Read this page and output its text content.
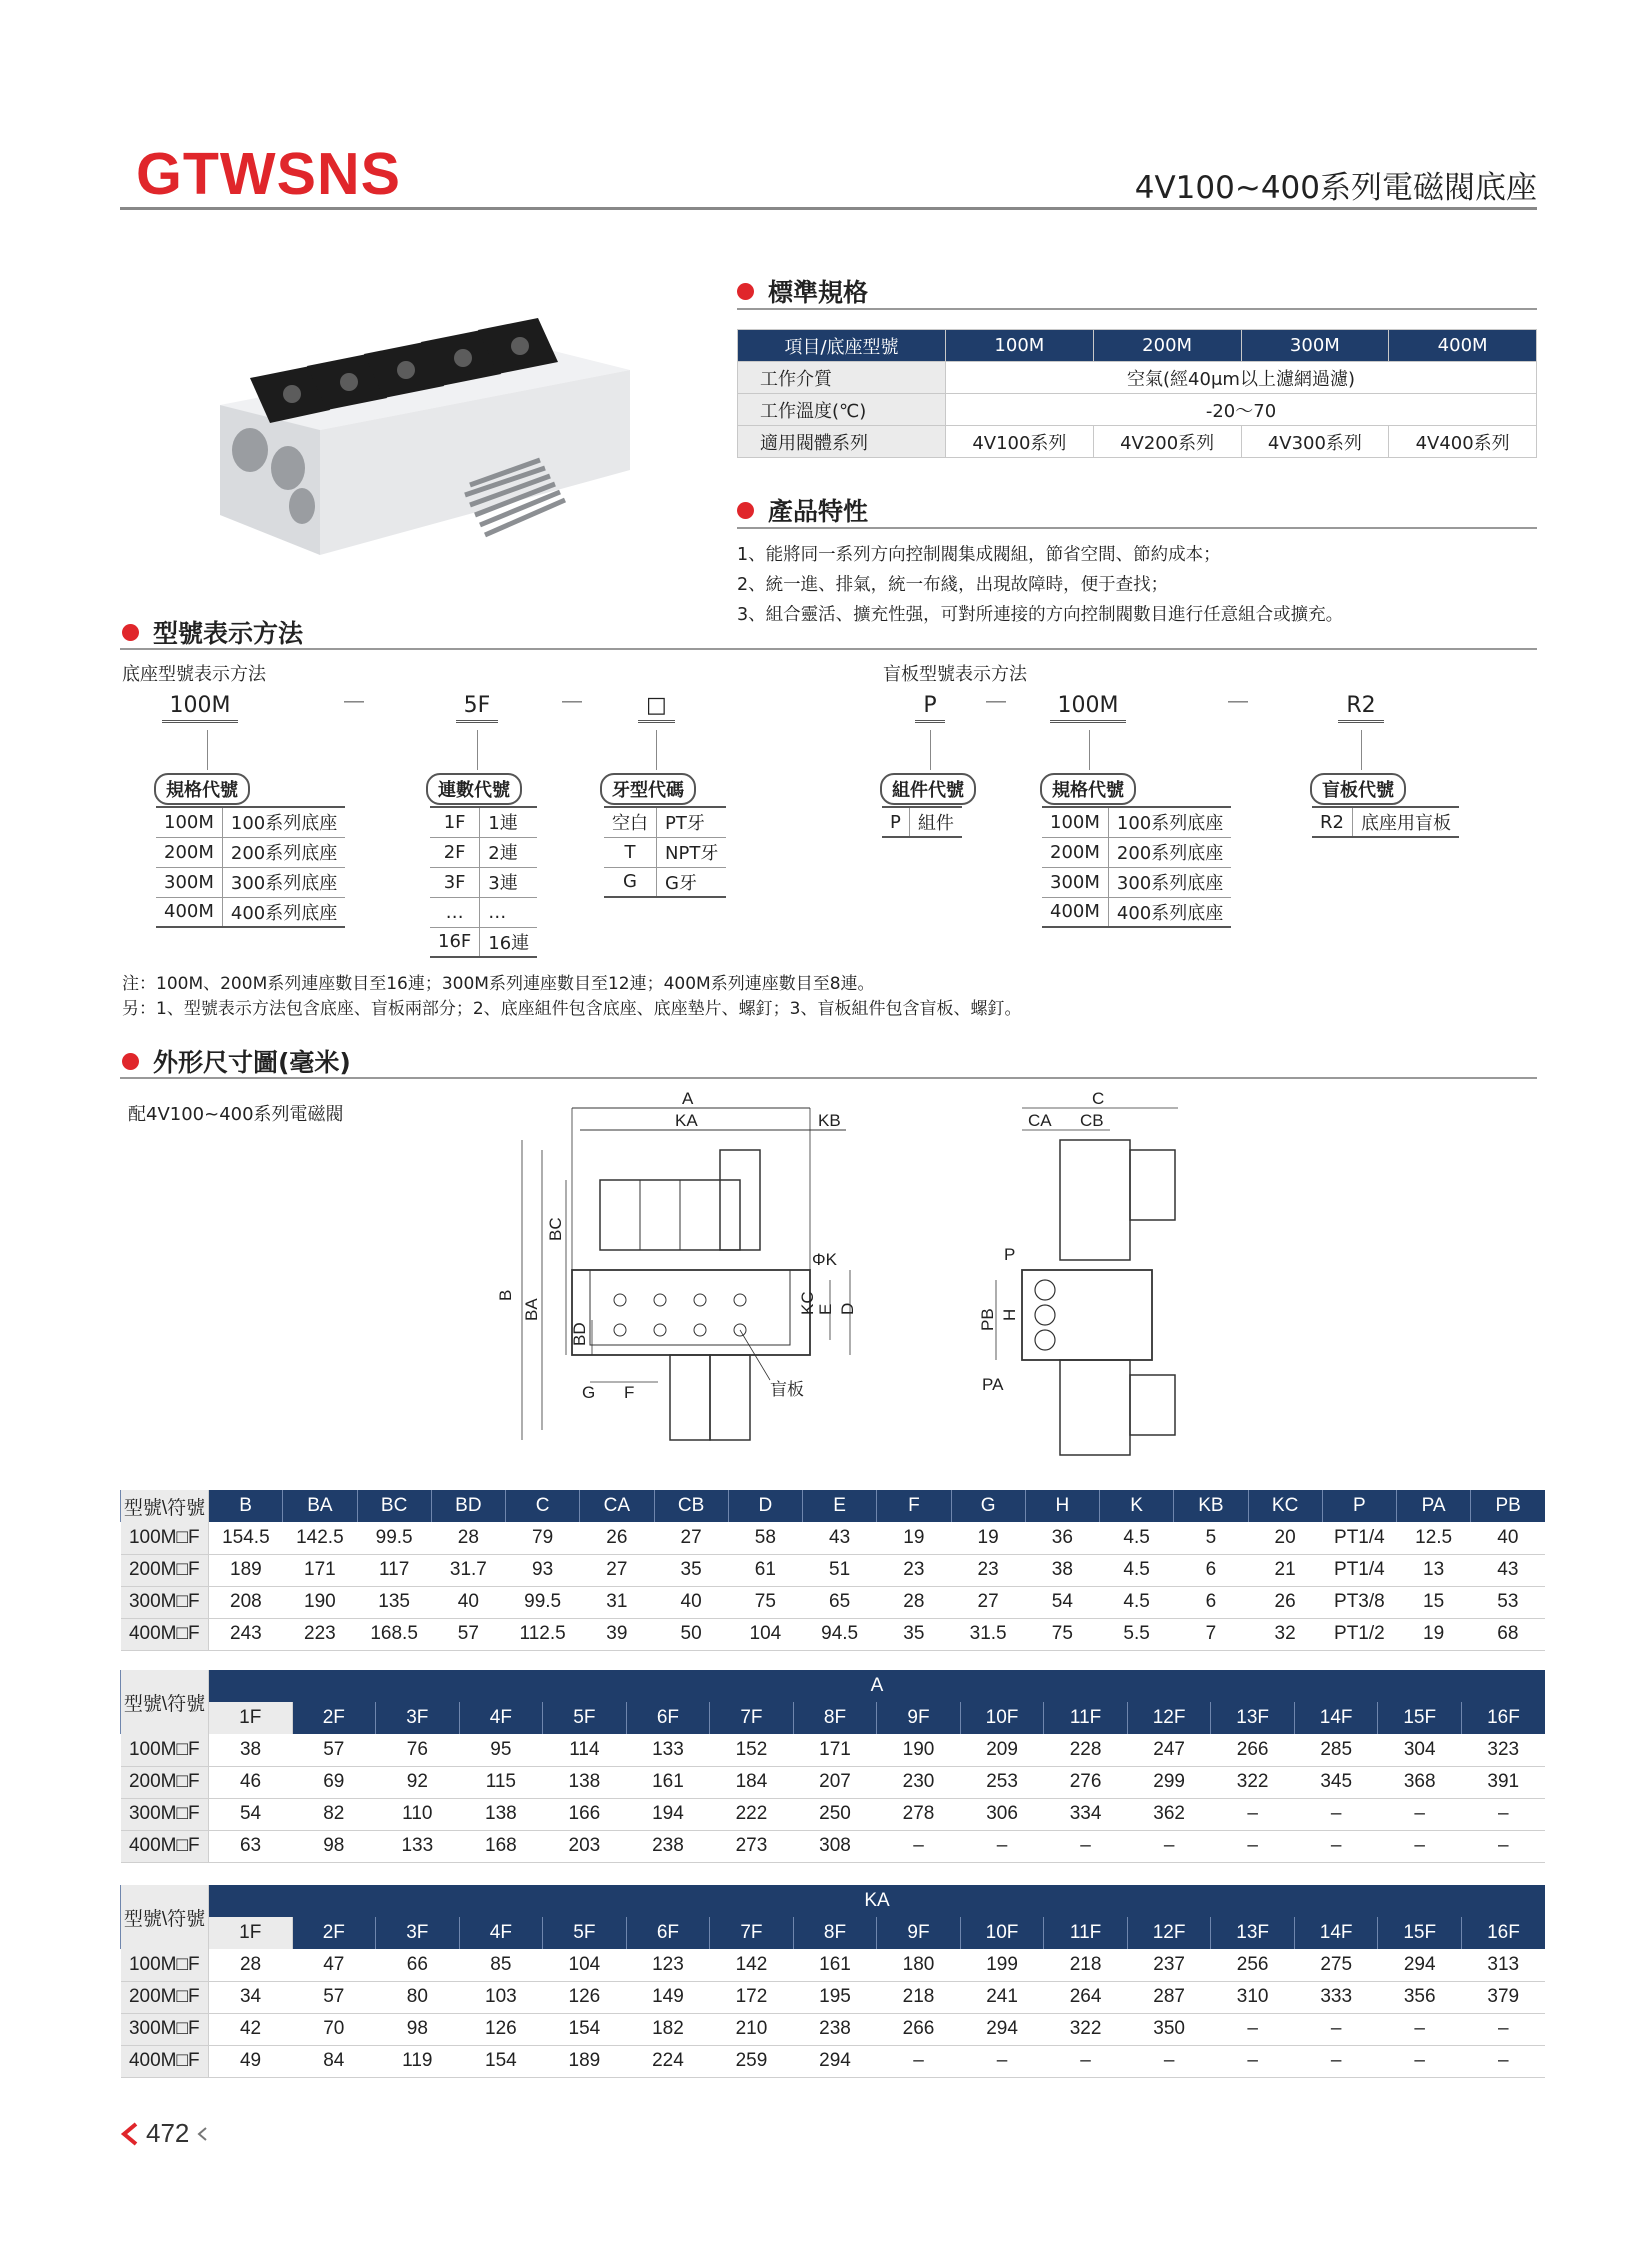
GTWSNS	4V100~400系列電磁閥底座
標準規格
項目/底座型號	100M	200M	300M	400M
工作介質	空氣(經40μm以上濾網過濾)			
工作溫度(℃)	-20～70			
適用閥體系列	4V100系列	4V200系列	4V300系列	4V400系列
產品特性
1、能將同一系列方向控制閥集成閥組，節省空間、節約成本；
2、統一進、排氣，統一布綫，出現故障時，便于查找；
3、組合靈活、擴充性强，可對所連接的方向控制閥數目進行任意組合或擴充。
型號表示方法
底座型號表示方法	盲板型號表示方法
100M	—	5F	—	□
規格代號	連數代號	牙型代碼
100M	100系列底座
200M	200系列底座
300M	300系列底座
400M	400系列底座
1F	1連
2F	2連
3F	3連
…	…
16F	16連
空白	PT牙
T	NPT牙
G	G牙
P	—	100M	—	R2
組件代號	規格代號	盲板代號
P	組件	100M	100系列底座
200M	200系列底座
300M	300系列底座
400M	400系列底座
R2	底座用盲板
注：100M、200M系列連座數目至16連；300M系列連座數目至12連；400M系列連座數目至8連。
另：1、型號表示方法包含底座、盲板兩部分；2、底座組件包含底座、底座墊片、螺釘；3、盲板組件包含盲板、螺釘。
外形尺寸圖(毫米)
配4V100~400系列電磁閥
A
KA	KB
B
BA
BC
BD
ΦK
KC E D
G F	盲板
C
CA CB
P
PB H
PA
型號\符號	B	BA	BC	BD	C	CA	CB	D	E	F	G	H	K	KB	KC	P	PA	PB
100M□F	154.5	142.5	99.5	28	79	26	27	58	43	19	19	36	4.5	5	20	PT1/4	12.5	40
200M□F	189	171	117	31.7	93	27	35	61	51	23	23	38	4.5	6	21	PT1/4	13	43
300M□F	208	190	135	40	99.5	31	40	75	65	28	27	54	4.5	6	26	PT3/8	15	53
400M□F	243	223	168.5	57	112.5	39	50	104	94.5	35	31.5	75	5.5	7	32	PT1/2	19	68
型號\符號	A															
	1F	2F	3F	4F	5F	6F	7F	8F	9F	10F	11F	12F	13F	14F	15F	16F
100M□F	38	57	76	95	114	133	152	171	190	209	228	247	266	285	304	323
200M□F	46	69	92	115	138	161	184	207	230	253	276	299	322	345	368	391
300M□F	54	82	110	138	166	194	222	250	278	306	334	362	–	–	–	–
400M□F	63	98	133	168	203	238	273	308	–	–	–	–	–	–	–	–
型號\符號	KA															
	1F	2F	3F	4F	5F	6F	7F	8F	9F	10F	11F	12F	13F	14F	15F	16F
100M□F	28	47	66	85	104	123	142	161	180	199	218	237	256	275	294	313
200M□F	34	57	80	103	126	149	172	195	218	241	264	287	310	333	356	379
300M□F	42	70	98	126	154	182	210	238	266	294	322	350	–	–	–	–
400M□F	49	84	119	154	189	224	259	294	–	–	–	–	–	–	–	–
472
